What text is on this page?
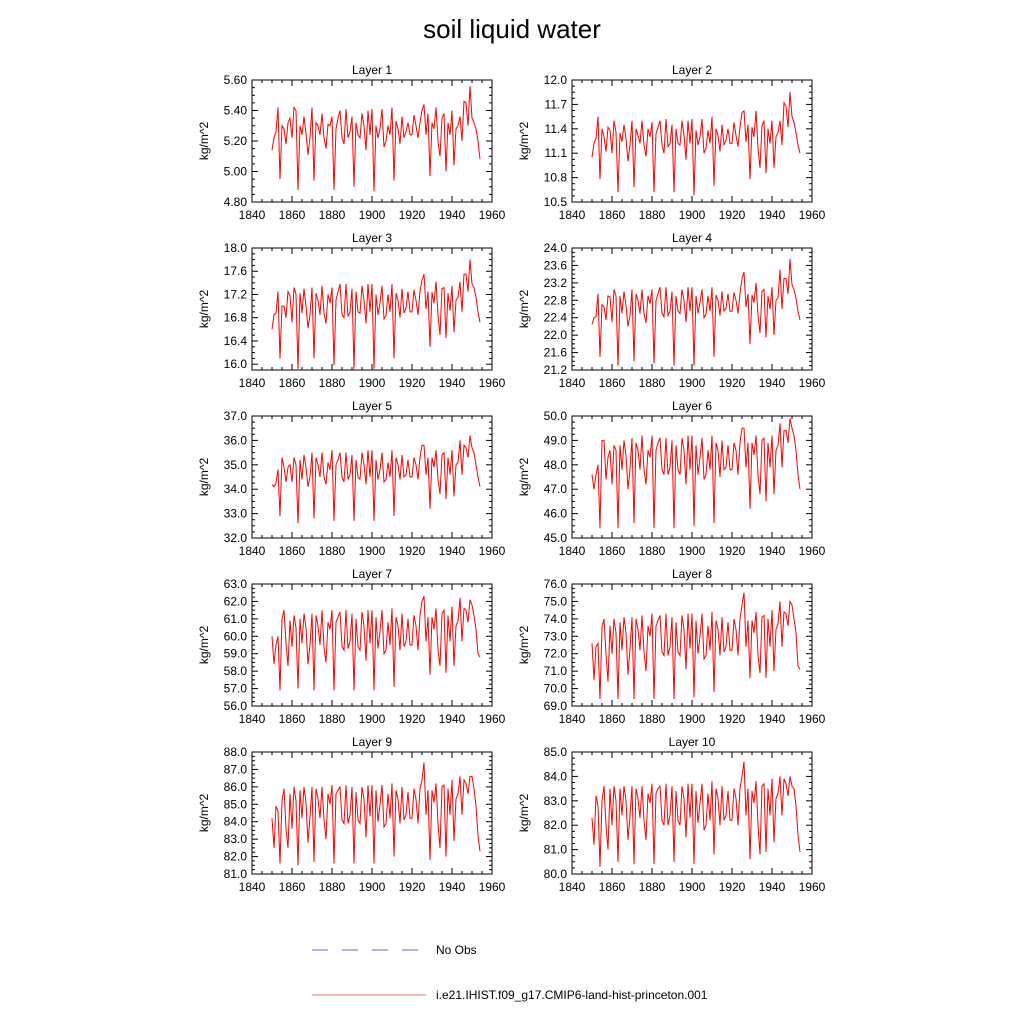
soil liquid water
Layer 1
1840 1860 1880 1900 1920 1940 1960
4.80
5.00
5.20
5.40
5.60
kg/m^2
Layer 2
1840 1860 1880 1900 1920 1940 1960
10.5
10.8
11.1
11.4
11.7
12.0
kg/m^2
Layer 3
1840 1860 1880 1900 1920 1940 1960
16.0
16.4
16.8
17.2
17.6
18.0
kg/m^2
Layer 4
1840 1860 1880 1900 1920 1940 1960
21.2
21.6
22.0
22.4
22.8
23.2
23.6
24.0
kg/m^2
Layer 5
1840 1860 1880 1900 1920 1940 1960
32.0
33.0
34.0
35.0
36.0
37.0
kg/m^2
Layer 6
1840 1860 1880 1900 1920 1940 1960
45.0
46.0
47.0
48.0
49.0
50.0
kg/m^2
Layer 7
1840 1860 1880 1900 1920 1940 1960
56.0
57.0
58.0
59.0
60.0
61.0
62.0
63.0
kg/m^2
Layer 8
1840 1860 1880 1900 1920 1940 1960
69.0
70.0
71.0
72.0
73.0
74.0
75.0
76.0
kg/m^2
Layer 9
1840 1860 1880 1900 1920 1940 1960
81.0
82.0
83.0
84.0
85.0
86.0
87.0
88.0
kg/m^2
Layer 10
1840 1860 1880 1900 1920 1940 1960
80.0
81.0
82.0
83.0
84.0
85.0
kg/m^2
No Obs
i.e21.IHIST.f09_g17.CMIP6-land-hist-princeton.001
